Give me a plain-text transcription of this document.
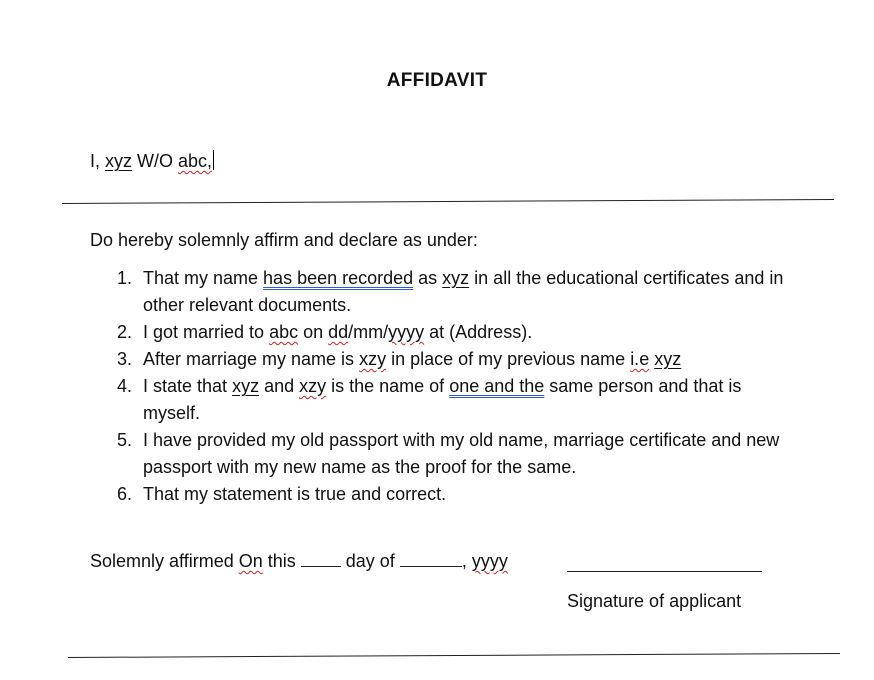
AFFIDAVIT
I, xyz W/O abc,
Do hereby solemnly affirm and declare as under:
1. That my name has been recorded as xyz in all the educational certificates and in other relevant documents.
2. I got married to abc on dd/mm/yyyy at (Address).
3. After marriage my name is xzy in place of my previous name i.e xyz
4. I state that xyz and xzy is the name of one and the same person and that is myself.
5. I have provided my old passport with my old name, marriage certificate and new passport with my new name as the proof for the same.
6. That my statement is true and correct.
Solemnly affirmed On this  day of	, yyyy
Signature of applicant
